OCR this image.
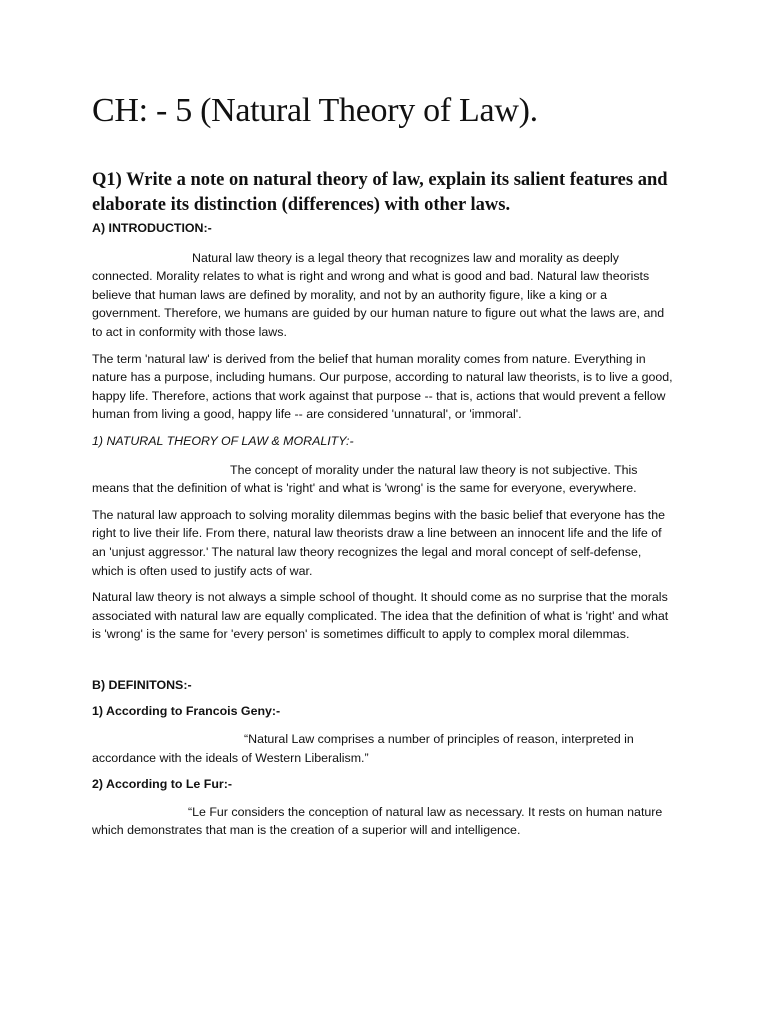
CH: - 5 (Natural Theory of Law).
Q1) Write a note on natural theory of law, explain its salient features and elaborate its distinction (differences) with other laws.

A) INTRODUCTION:-

Natural law theory is a legal theory that recognizes law and morality as deeply connected. Morality relates to what is right and wrong and what is good and bad. Natural law theorists believe that human laws are defined by morality, and not by an authority figure, like a king or a government. Therefore, we humans are guided by our human nature to figure out what the laws are, and to act in conformity with those laws.

The term 'natural law' is derived from the belief that human morality comes from nature. Everything in nature has a purpose, including humans. Our purpose, according to natural law theorists, is to live a good, happy life. Therefore, actions that work against that purpose -- that is, actions that would prevent a fellow human from living a good, happy life -- are considered 'unnatural', or 'immoral'.

1) NATURAL THEORY OF LAW & MORALITY:-

The concept of morality under the natural law theory is not subjective. This means that the definition of what is 'right' and what is 'wrong' is the same for everyone, everywhere.

The natural law approach to solving morality dilemmas begins with the basic belief that everyone has the right to live their life. From there, natural law theorists draw a line between an innocent life and the life of an 'unjust aggressor.' The natural law theory recognizes the legal and moral concept of self-defense, which is often used to justify acts of war.

Natural law theory is not always a simple school of thought. It should come as no surprise that the morals associated with natural law are equally complicated. The idea that the definition of what is 'right' and what is 'wrong' is the same for 'every person' is sometimes difficult to apply to complex moral dilemmas.

B) DEFINITONS:-

1) According to Francois Geny:-

“Natural Law comprises a number of principles of reason, interpreted in accordance with the ideals of Western Liberalism.”

2) According to Le Fur:-

“Le Fur considers the conception of natural law as necessary. It rests on human nature which demonstrates that man is the creation of a superior will and intelligence.
